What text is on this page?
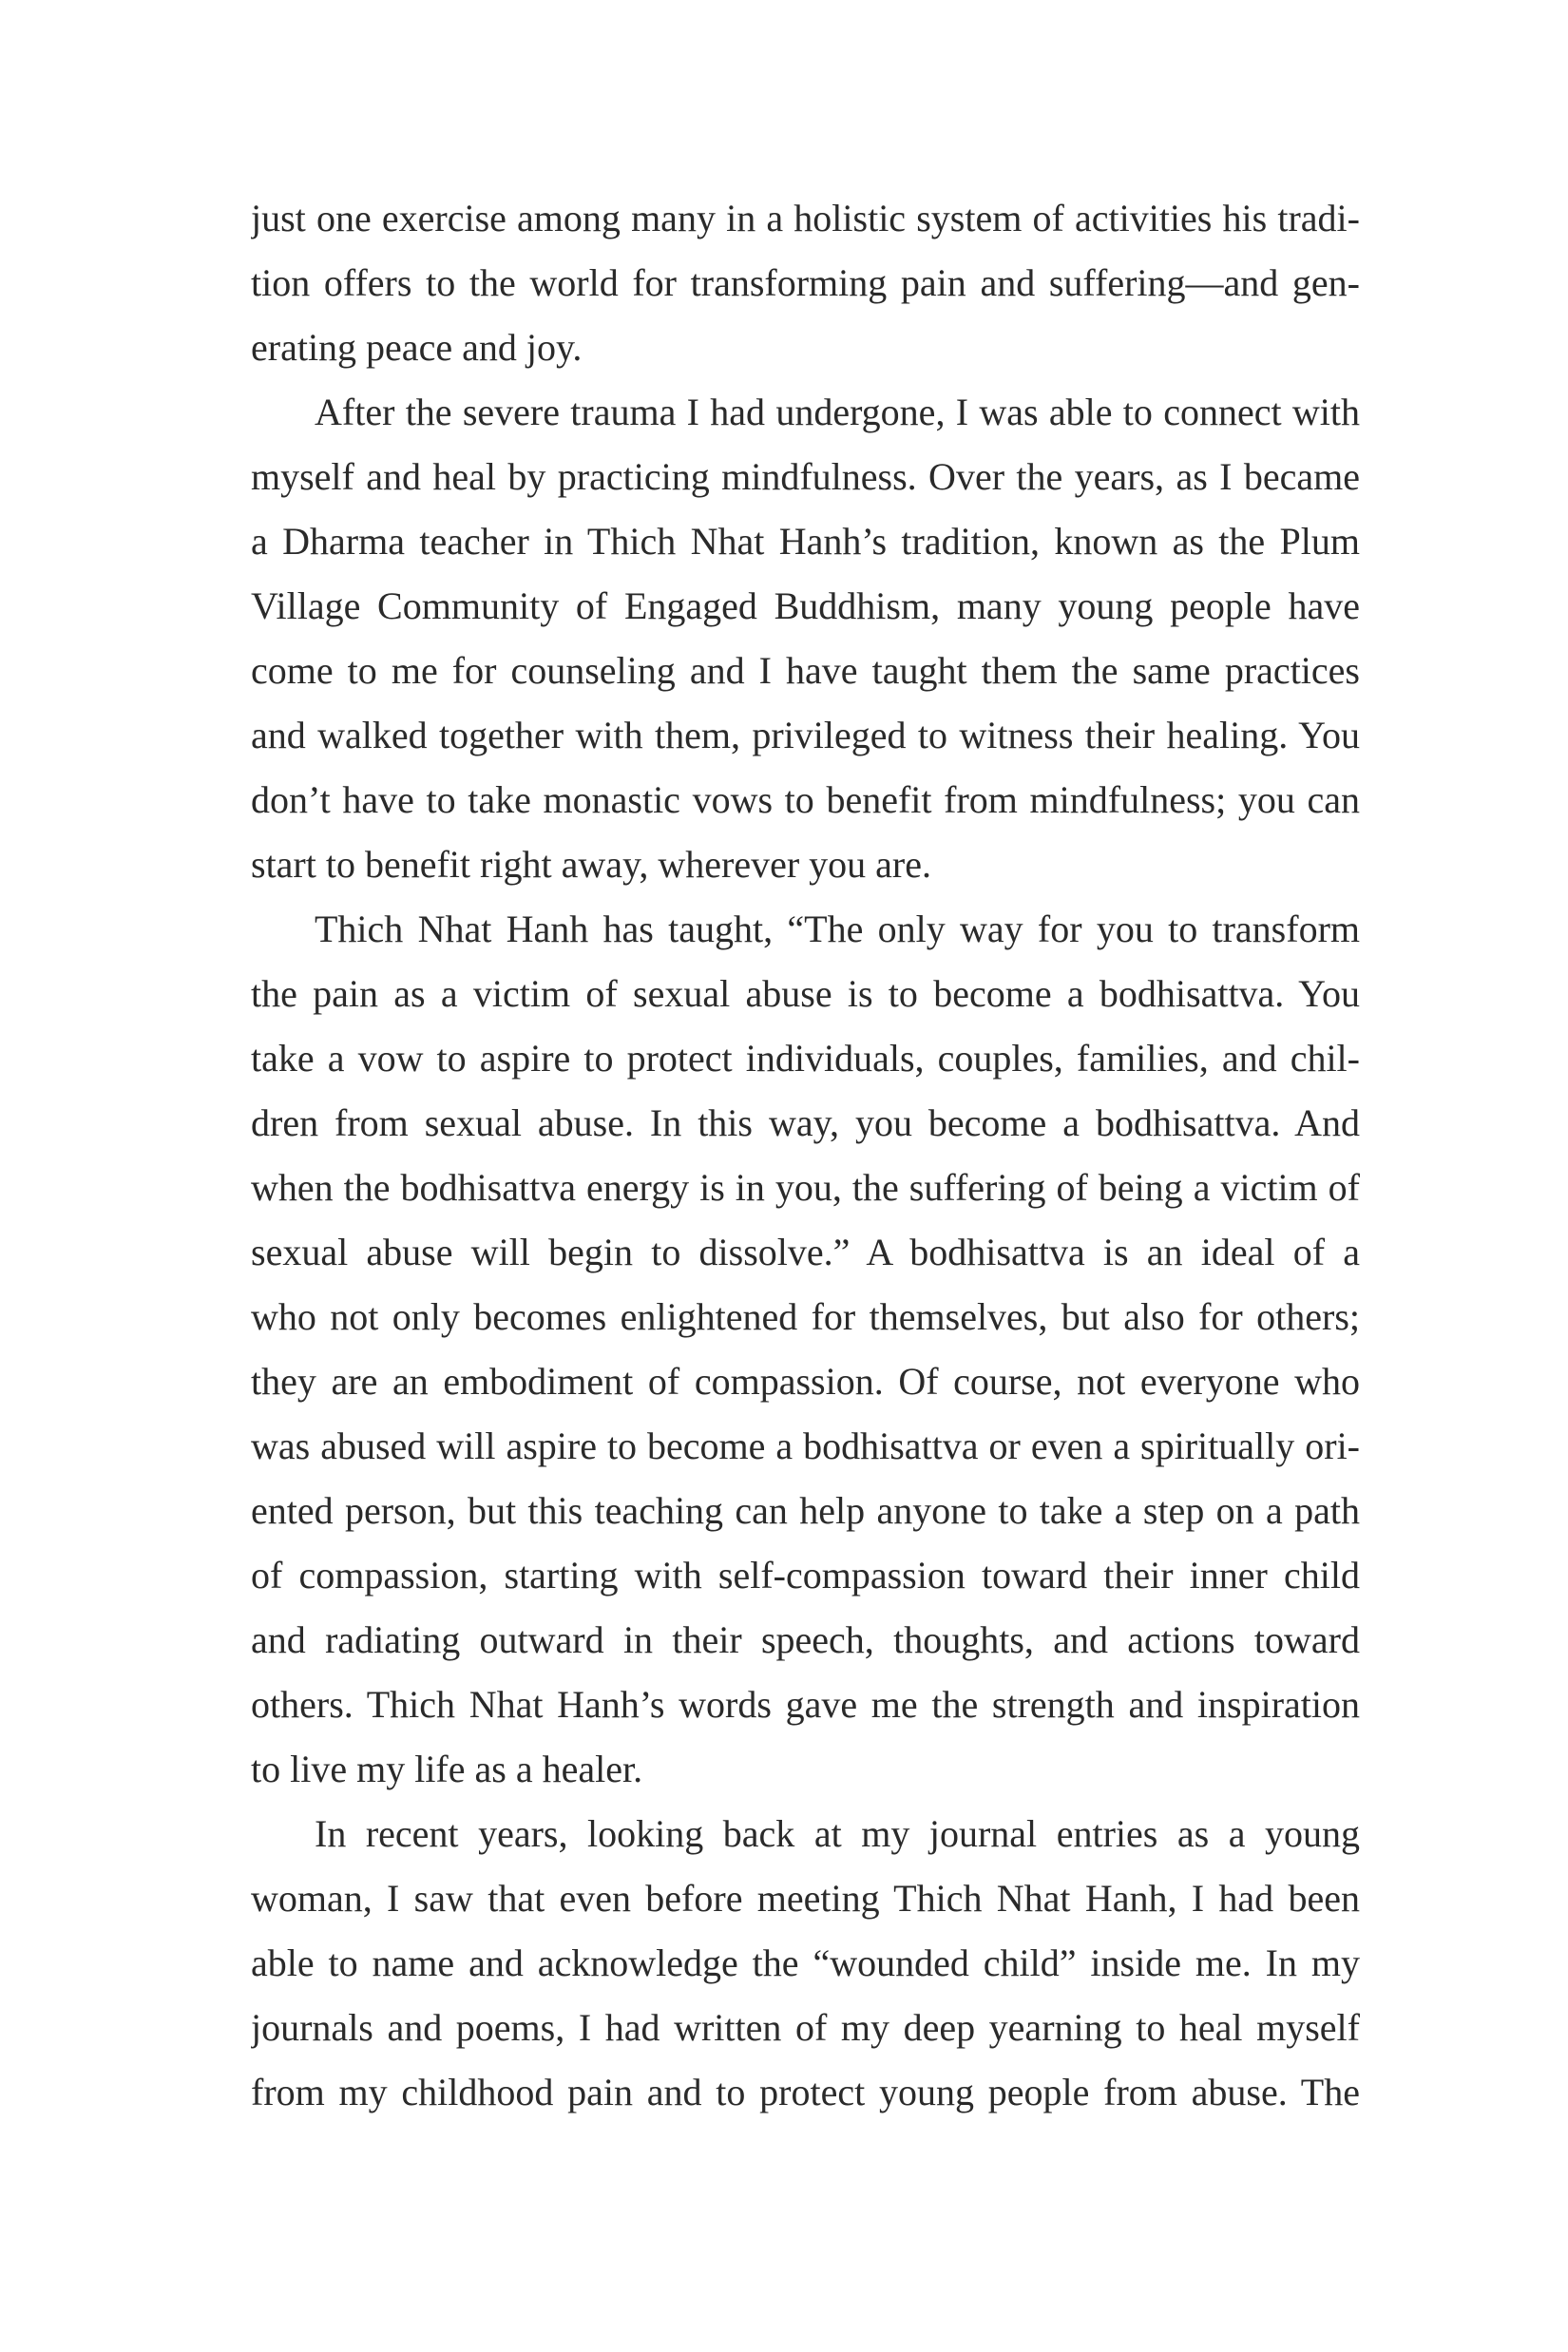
just one exercise among many in a holistic system of activities his tradi-
tion offers to the world for transforming pain and suffering—and gen-
erating peace and joy.
After the severe trauma I had undergone, I was able to connect with
myself and heal by practicing mindfulness. Over the years, as I became
a Dharma teacher in Thich Nhat Hanh’s tradition, known as the Plum
Village Community of Engaged Buddhism, many young people have
come to me for counseling and I have taught them the same practices
and walked together with them, privileged to witness their healing. You
don’t have to take monastic vows to benefit from mindfulness; you can
start to benefit right away, wherever you are.
Thich Nhat Hanh has taught, “The only way for you to transform
the pain as a victim of sexual abuse is to become a bodhisattva. You
take a vow to aspire to protect individuals, couples, families, and chil-
dren from sexual abuse. In this way, you become a bodhisattva. And
when the bodhisattva energy is in you, the suffering of being a victim of
sexual abuse will begin to dissolve.” A bodhisattva is an ideal of a
who not only becomes enlightened for themselves, but also for others;
they are an embodiment of compassion. Of course, not everyone who
was abused will aspire to become a bodhisattva or even a spiritually ori-
ented person, but this teaching can help anyone to take a step on a path
of compassion, starting with self-compassion toward their inner child
and radiating outward in their speech, thoughts, and actions toward
others. Thich Nhat Hanh’s words gave me the strength and inspiration
to live my life as a healer.
In recent years, looking back at my journal entries as a young
woman, I saw that even before meeting Thich Nhat Hanh, I had been
able to name and acknowledge the “wounded child” inside me. In my
journals and poems, I had written of my deep yearning to heal myself
from my childhood pain and to protect young people from abuse. The
